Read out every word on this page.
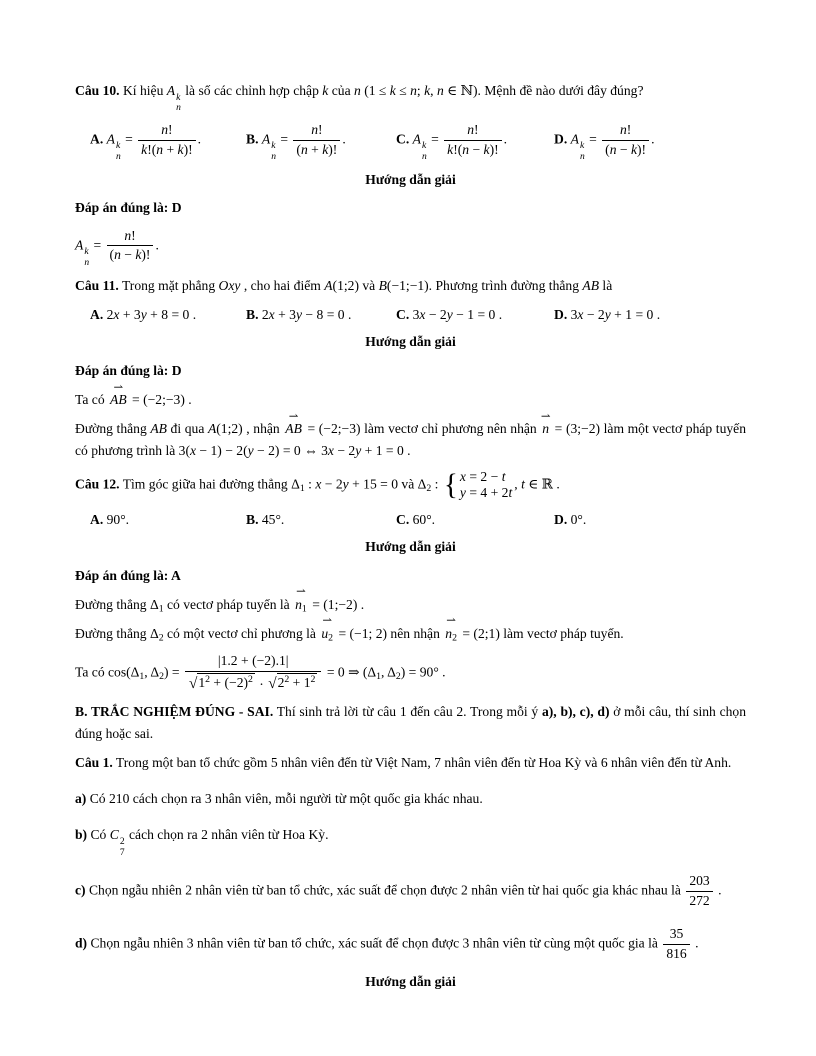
Câu 10. Kí hiệu A k
n
là số các chỉnh hợp chập k của n (1 ≤ k ≤ n; k, n ∈ ℕ). Mệnh đề nào dưới đây đúng?
A. A k
n
= $\frac{n!}{k!(n + k)!}$ .	B. A k
n
= $\frac{n!}{(n + k)!}$ .	C. A k
n
= $\frac{n!}{k!(n - k)!}$ .	D. A k
n
= $\frac{n!}{(n - k)!}$ .
Hướng dẫn giải
Đáp án đúng là: D
A k
n
= $\frac{n!}{(n - k)!}$ .
Câu 11. Trong mặt phẳng Oxy , cho hai điểm A(1;2) và B(−1;−1). Phương trình đường thẳng AB là
A. 2x + 3y + 8 = 0 .	B. 2x + 3y − 8 = 0 .	C. 3x − 2y − 1 = 0 .	D. 3x − 2y + 1 = 0 .
Hướng dẫn giải
Đáp án đúng là: D
Ta có ⇀ AB = (−2;−3) .
Đường thẳng AB đi qua A(1;2) , nhận ⇀ AB = (−2;−3) làm vectơ chỉ phương nên nhận ⇀ n = (3;−2) làm một vectơ pháp tuyến có phương trình là 3(x − 1) − 2(y − 2) = 0 ⇔ 3x − 2y + 1 = 0 .
Câu 12. Tìm góc giữa hai đường thẳng Δ1 : x − 2y + 15 = 0 và Δ2 : { x = 2 − t
y = 4 + 2t
, t ∈ ℝ .
A. 90°.	B. 45°.	C. 60°.	D. 0°.
Hướng dẫn giải
Đáp án đúng là: A
Đường thẳng Δ1 có vectơ pháp tuyến là ⇀ n1 = (1;−2) .
Đường thẳng Δ2 có một vectơ chỉ phương là ⇀ u2 = (−1; 2) nên nhận ⇀ n2 = (2;1) làm vectơ pháp tuyến.
Ta có cos(Δ1, $\Delta 2) = \frac{|1.2 + (-2).1|}{√ 1^2 + (-2)^2 \cdot √ 2^2 + 1^2} = 0$ ⇒ (Δ1, Δ2) = 90° .
B. TRẮC NGHIỆM ĐÚNG - SAI. Thí sinh trả lời từ câu 1 đến câu 2. Trong mỗi ý a), b), c), d) ở mỗi câu, thí sinh chọn đúng hoặc sai.
Câu 1. Trong một ban tổ chức gồm 5 nhân viên đến từ Việt Nam, 7 nhân viên đến từ Hoa Kỳ và 6 nhân viên đến từ Anh.
a) Có 210 cách chọn ra 3 nhân viên, mỗi người từ một quốc gia khác nhau.
b) Có C 2
7
cách chọn ra 2 nhân viên từ Hoa Kỳ.
c) Chọn ngẫu nhiên 2 nhân viên từ ban tổ chức, xác suất để chọn được 2 nhân viên từ hai quốc gia khác nhau là $\frac{203}{272}$ .
d) Chọn ngẫu nhiên 3 nhân viên từ ban tổ chức, xác suất để chọn được 3 nhân viên từ cùng một quốc gia là $\frac{35}{816}$ .
Hướng dẫn giải
